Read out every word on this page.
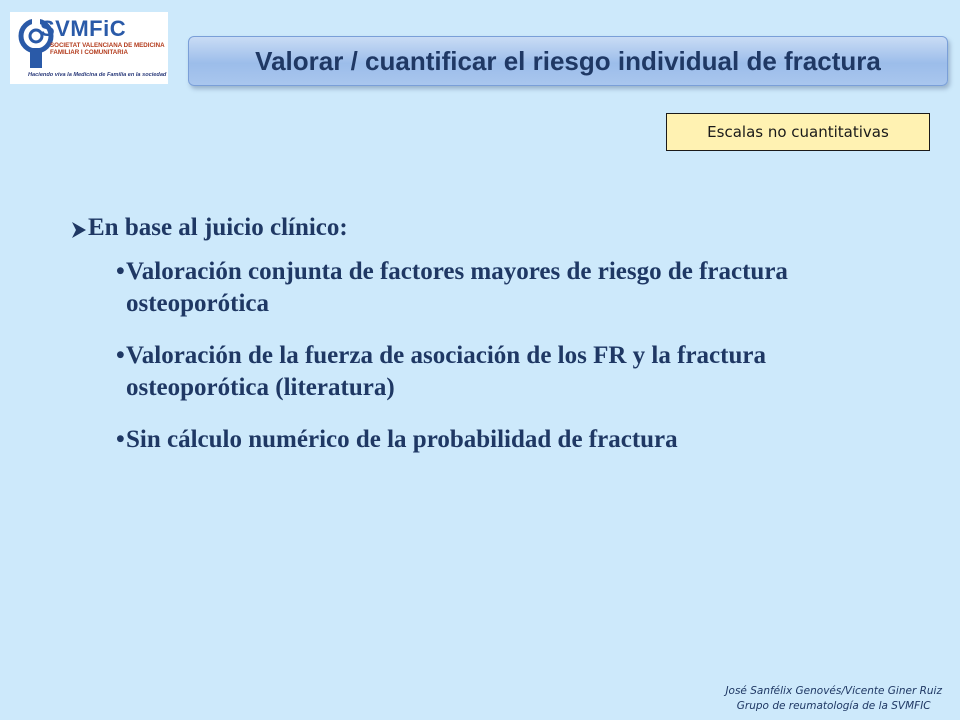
SVMFiC
SOCIETAT VALENCIANA DE MEDICINA FAMILIAR I COMUNITARIA
Haciendo viva la Medicina de Familia en la sociedad	Valorar / cuantificar el riesgo individual de fractura
Escalas no cuantitativas
En base al juicio clínico:
• Valoración conjunta de factores mayores de riesgo de fractura osteoporótica
• Valoración de la fuerza de asociación de los FR y la fractura osteoporótica (literatura)
• Sin cálculo numérico de la probabilidad de fractura
José Sanfélix Genovés/Vicente Giner Ruiz
Grupo de reumatología de la SVMFIC
